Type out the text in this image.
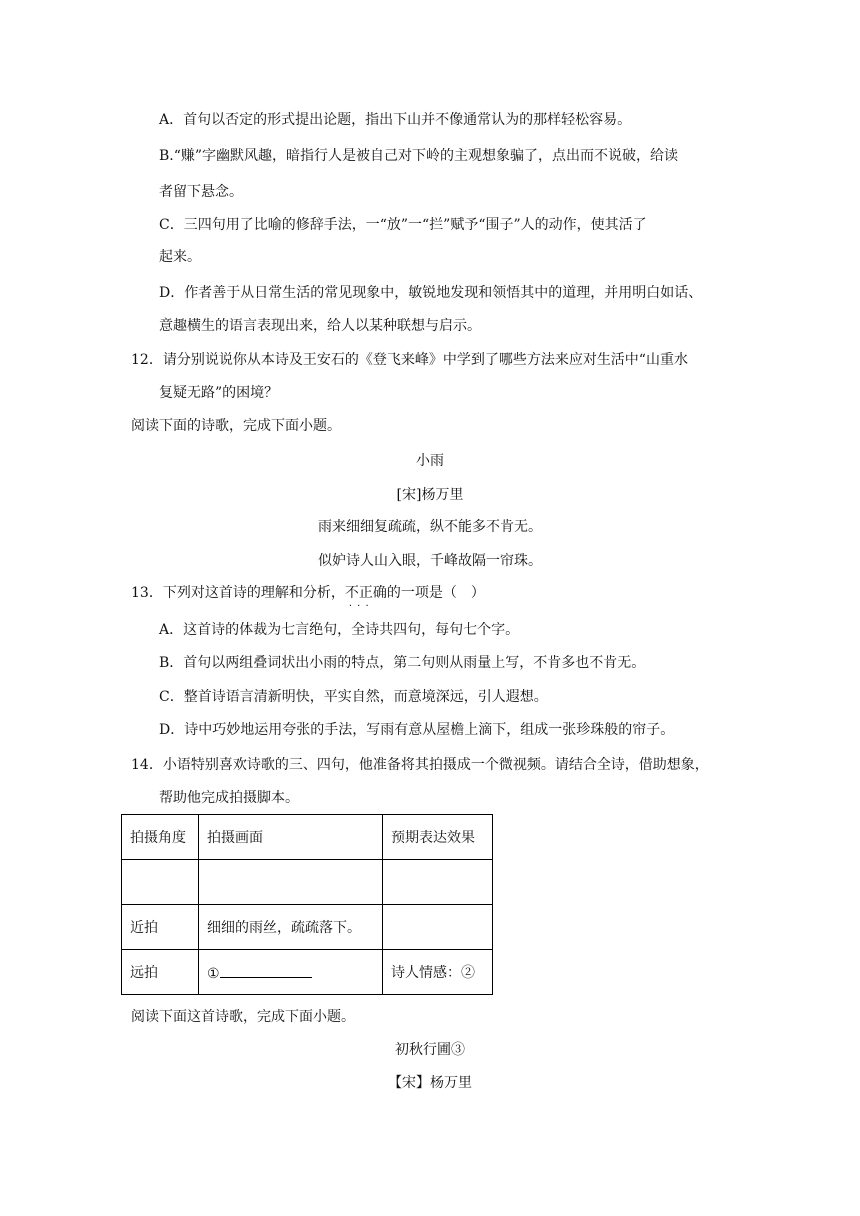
A．首句以否定的形式提出论题，指出下山并不像通常认为的那样轻松容易。
B.“赚”字幽默风趣，暗指行人是被自己对下岭的主观想象骗了，点出而不说破，给读
者留下悬念。
C．三四句用了比喻的修辞手法，一“放”一“拦”赋予“围子”人的动作，使其活了
起来。
D．作者善于从日常生活的常见现象中，敏锐地发现和领悟其中的道理，并用明白如话、
意趣横生的语言表现出来，给人以某种联想与启示。
12．请分别说说你从本诗及王安石的《登飞来峰》中学到了哪些方法来应对生活中“山重水
复疑无路”的困境？
阅读下面的诗歌，完成下面小题。
小雨
[宋]杨万里
雨来细细复疏疏，纵不能多不肯无。
似妒诗人山入眼，千峰故隔一帘珠。
13．下列对这首诗的理解和分析，不正确 · · ·的一项是（　）
A．这首诗的体裁为七言绝句，全诗共四句，每句七个字。
B．首句以两组叠词状出小雨的特点，第二句则从雨量上写，不肯多也不肯无。
C．整首诗语言清新明快，平实自然，而意境深远，引人遐想。
D．诗中巧妙地运用夸张的手法，写雨有意从屋檐上滴下，组成一张珍珠般的帘子。
14．小语特别喜欢诗歌的三、四句，他准备将其拍摄成一个微视频。请结合全诗，借助想象，
帮助他完成拍摄脚本。
拍摄角度	拍摄画面	预期表达效果

近拍	细细的雨丝，疏疏落下。	
远拍	①	诗人情感：②
阅读下面这首诗歌，完成下面小题。
初秋行圃③
【宋】杨万里
